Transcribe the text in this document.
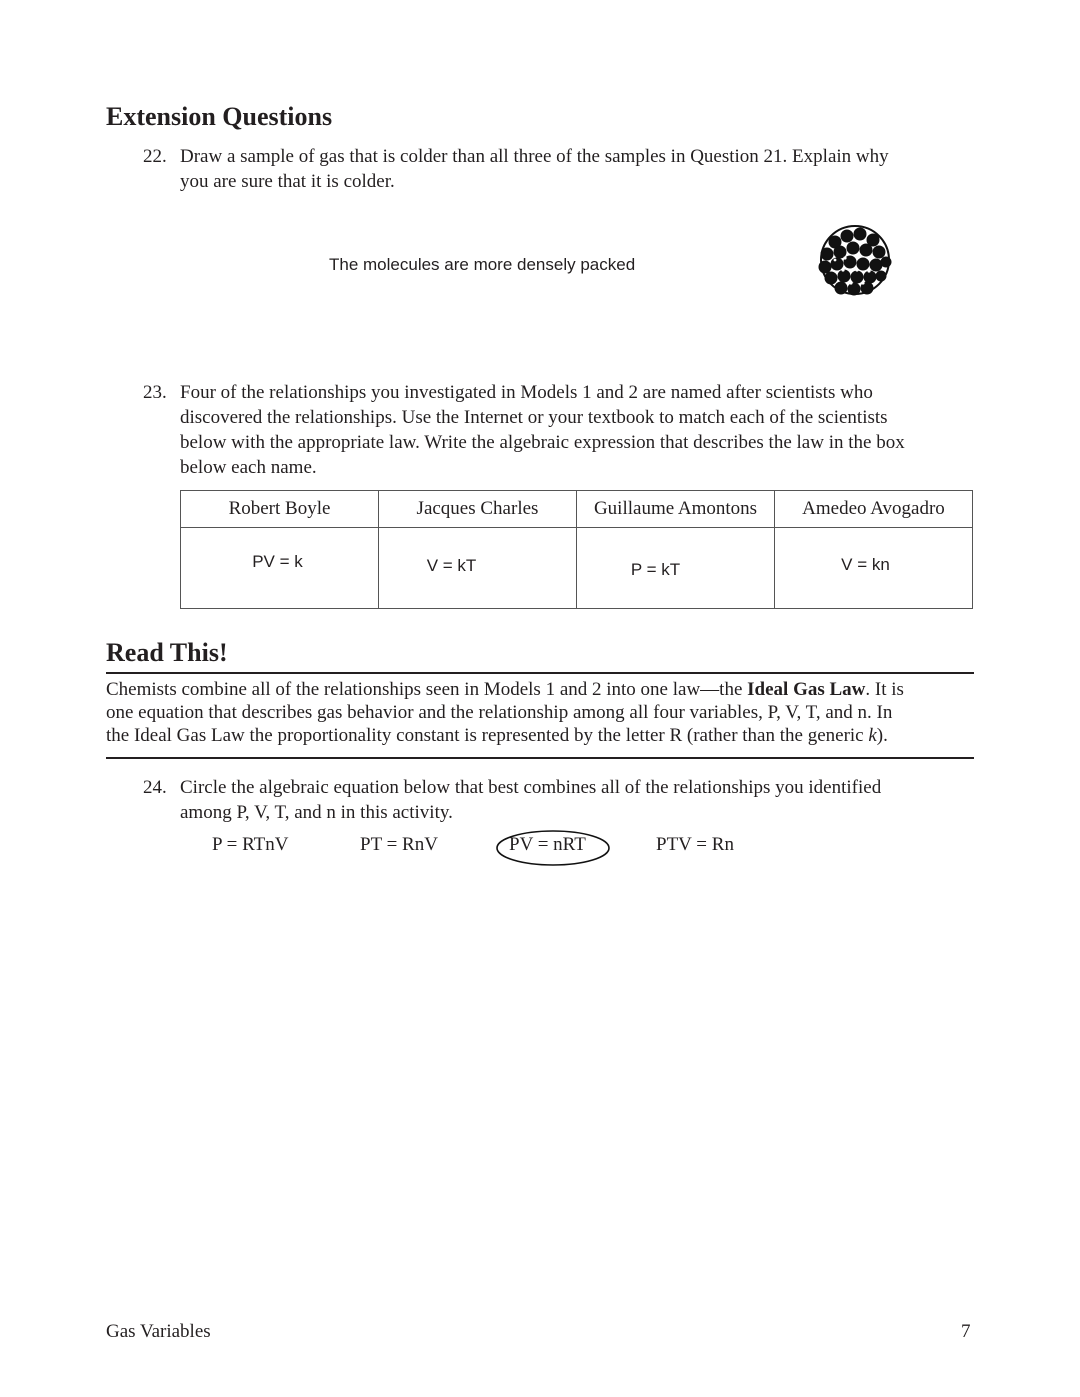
Extension Questions
22. Draw a sample of gas that is colder than all three of the samples in Question 21. Explain why
you are sure that it is colder.
The molecules are more densely packed
23. Four of the relationships you investigated in Models 1 and 2 are named after scientists who
discovered the relationships. Use the Internet or your textbook to match each of the scientists
below with the appropriate law. Write the algebraic expression that describes the law in the box
below each name.
Robert Boyle	Jacques Charles	Guillaume Amontons	Amedeo Avogadro
PV = k	V = kT	P = kT	V = kn
Read This!
Chemists combine all of the relationships seen in Models 1 and 2 into one law—the Ideal Gas Law. It is
one equation that describes gas behavior and the relationship among all four variables, P, V, T, and n. In
the Ideal Gas Law the proportionality constant is represented by the letter R (rather than the generic k).
24. Circle the algebraic equation below that best combines all of the relationships you identified
among P, V, T, and n in this activity.
P = RTnV	PT = RnV	PV = nRT	PTV = Rn
Gas Variables	7
